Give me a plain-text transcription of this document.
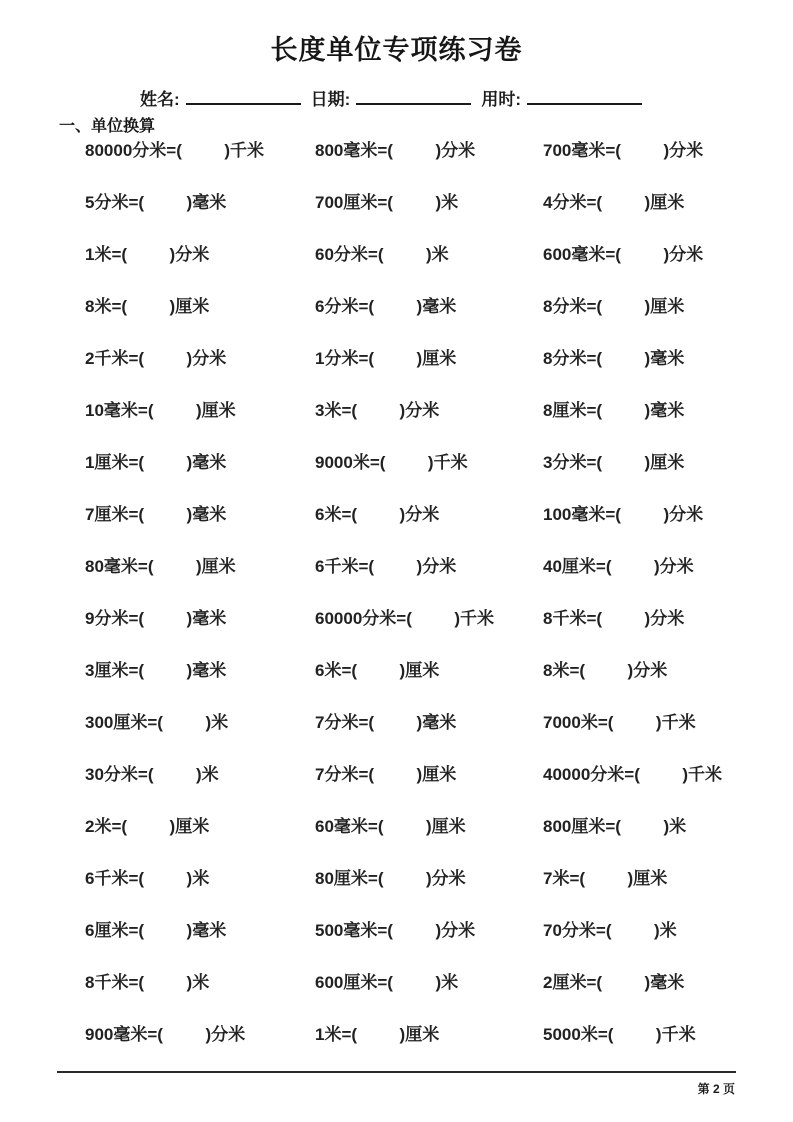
长度单位专项练习卷
姓名:	日期:	用时:
一、单位换算
80000分米=(         )千米	800毫米=(         )分米	700毫米=(         )分米
5分米=(         )毫米	700厘米=(         )米	4分米=(         )厘米
1米=(         )分米	60分米=(         )米	600毫米=(         )分米
8米=(         )厘米	6分米=(         )毫米	8分米=(         )厘米
2千米=(         )分米	1分米=(         )厘米	8分米=(         )毫米
10毫米=(         )厘米	3米=(         )分米	8厘米=(         )毫米
1厘米=(         )毫米	9000米=(         )千米	3分米=(         )厘米
7厘米=(         )毫米	6米=(         )分米	100毫米=(         )分米
80毫米=(         )厘米	6千米=(         )分米	40厘米=(         )分米
9分米=(         )毫米	60000分米=(         )千米	8千米=(         )分米
3厘米=(         )毫米	6米=(         )厘米	8米=(         )分米
300厘米=(         )米	7分米=(         )毫米	7000米=(         )千米
30分米=(         )米	7分米=(         )厘米	40000分米=(         )千米
2米=(         )厘米	60毫米=(         )厘米	800厘米=(         )米
6千米=(         )米	80厘米=(         )分米	7米=(         )厘米
6厘米=(         )毫米	500毫米=(         )分米	70分米=(         )米
8千米=(         )米	600厘米=(         )米	2厘米=(         )毫米
900毫米=(         )分米	1米=(         )厘米	5000米=(         )千米
第 2 页
